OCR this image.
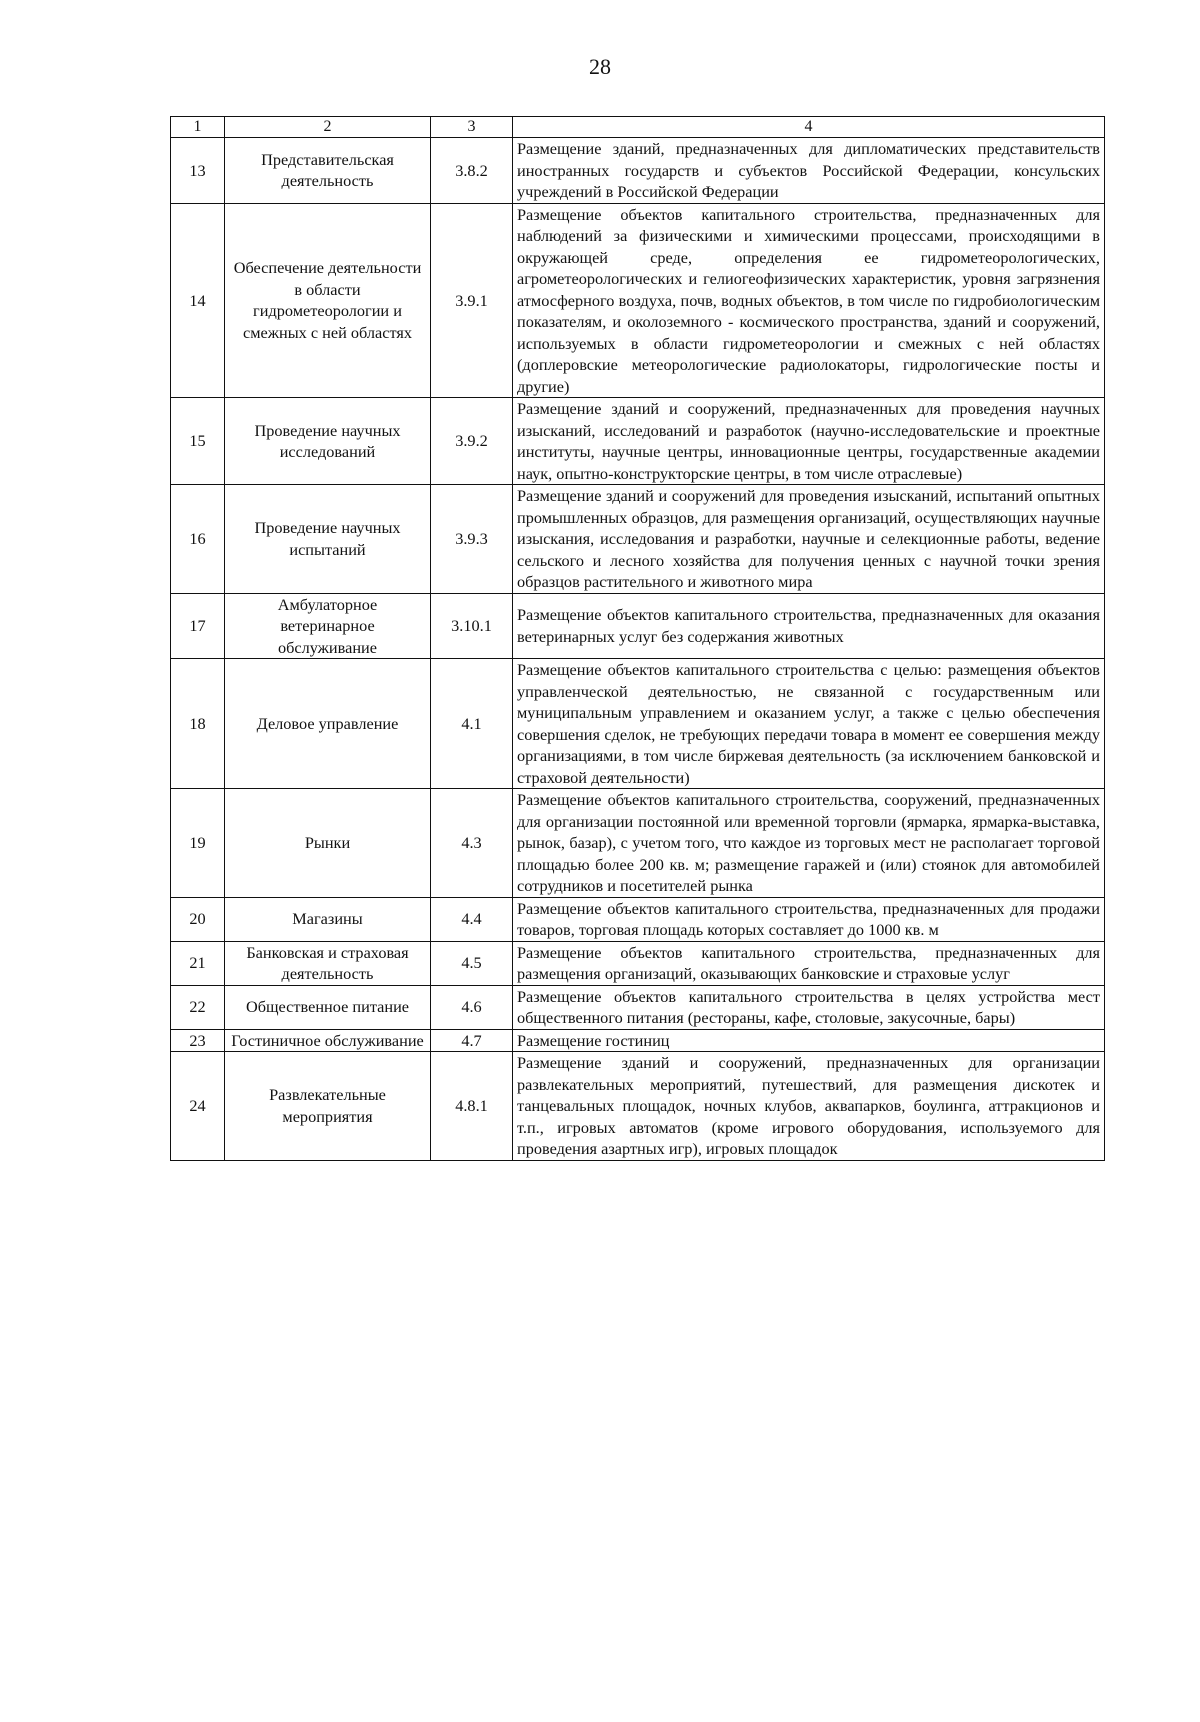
28
1	2	3	4
13	Представительская деятельность	3.8.2	Размещение зданий, предназначенных для дипломатических представительств иностранных государств и субъектов Российской Федерации, консульских учреждений в Российской Федерации
14	Обеспечение деятельности в области гидрометеорологии и смежных с ней областях	3.9.1	Размещение объектов капитального строительства, предназначенных для наблюдений за физическими и химическими процессами, происходящими в окружающей среде, определения ее гидрометеорологических, агрометеорологических и гелиогеофизических характеристик, уровня загрязнения атмосферного воздуха, почв, водных объектов, в том числе по гидробиологическим показателям, и околоземного - космического пространства, зданий и сооружений, используемых в области гидрометеорологии и смежных с ней областях (доплеровские метеорологические радиолокаторы, гидрологические посты и другие)
15	Проведение научных исследований	3.9.2	Размещение зданий и сооружений, предназначенных для проведения научных изысканий, исследований и разработок (научно-исследовательские и проектные институты, научные центры, инновационные центры, государственные академии наук, опытно-конструкторские центры, в том числе отраслевые)
16	Проведение научных испытаний	3.9.3	Размещение зданий и сооружений для проведения изысканий, испытаний опытных промышленных образцов, для размещения организаций, осуществляющих научные изыскания, исследования и разработки, научные и селекционные работы, ведение сельского и лесного хозяйства для получения ценных с научной точки зрения образцов растительного и животного мира
17	Амбулаторное ветеринарное обслуживание	3.10.1	Размещение объектов капитального строительства, предназначенных для оказания ветеринарных услуг без содержания животных
18	Деловое управление	4.1	Размещение объектов капитального строительства с целью: размещения объектов управленческой деятельностью, не связанной с государственным или муниципальным управлением и оказанием услуг, а также с целью обеспечения совершения сделок, не требующих передачи товара в момент ее совершения между организациями, в том числе биржевая деятельность (за исключением банковской и страховой деятельности)
19	Рынки	4.3	Размещение объектов капитального строительства, сооружений, предназначенных для организации постоянной или временной торговли (ярмарка, ярмарка-выставка, рынок, базар), с учетом того, что каждое из торговых мест не располагает торговой площадью более 200 кв. м; размещение гаражей и (или) стоянок для автомобилей сотрудников и посетителей рынка
20	Магазины	4.4	Размещение объектов капитального строительства, предназначенных для продажи товаров, торговая площадь которых составляет до 1000 кв. м
21	Банковская и страховая деятельность	4.5	Размещение объектов капитального строительства, предназначенных для размещения организаций, оказывающих банковские и страховые услуг
22	Общественное питание	4.6	Размещение объектов капитального строительства в целях устройства мест общественного питания (рестораны, кафе, столовые, закусочные, бары)
23	Гостиничное обслуживание	4.7	Размещение гостиниц
24	Развлекательные мероприятия	4.8.1	Размещение зданий и сооружений, предназначенных для организации развлекательных мероприятий, путешествий, для размещения дискотек и танцевальных площадок, ночных клубов, аквапарков, боулинга, аттракционов и т.п., игровых автоматов (кроме игрового оборудования, используемого для проведения азартных игр), игровых площадок
